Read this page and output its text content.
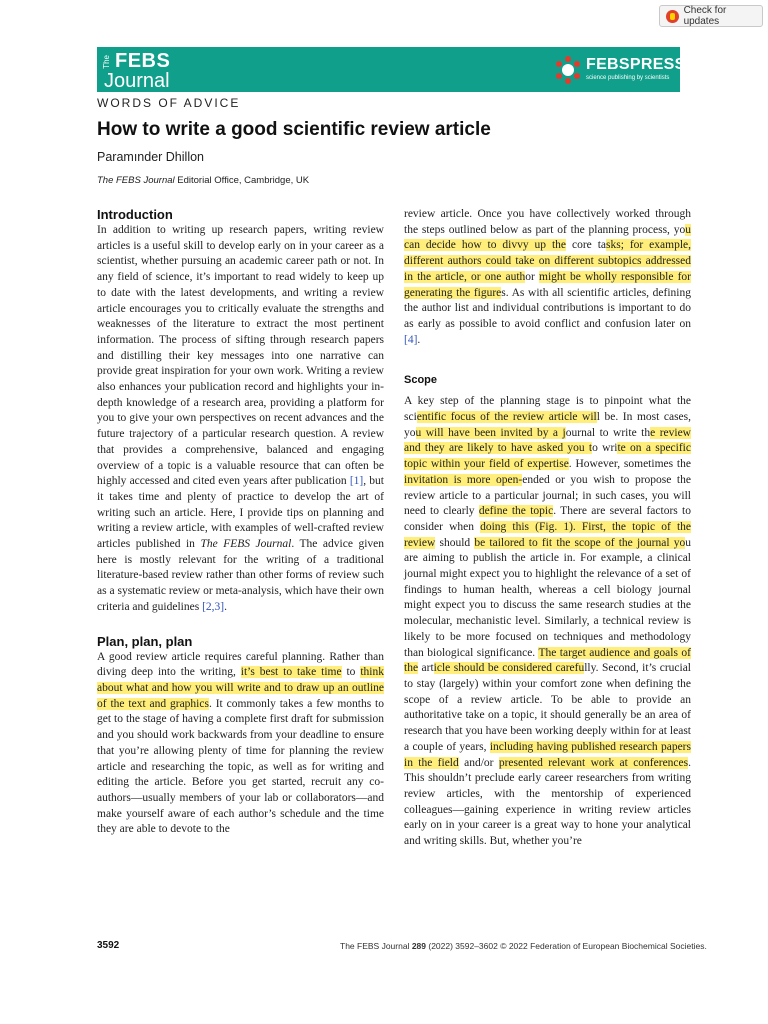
Check for updates
The FEBS
Journal
FEBSPRESS
science publishing by scientists
WORDS OF ADVICE
How to write a good scientific review article
Paramınder Dhillon
The FEBS Journal Editorial Office, Cambridge, UK
Introduction

In addition to writing up research papers, writing review articles is a useful skill to develop early on in your career as a scientist, whether pursuing an academic career path or not. In any field of science, it’s important to read widely to keep up to date with the latest developments, and writing a review article encourages you to critically evaluate the strengths and weaknesses of the literature to extract the most pertinent information. The process of sifting through research papers and distilling their key messages into one narrative can provide great inspiration for your own work. Writing a review also enhances your publication record and highlights your in-depth knowledge of a research area, providing a platform for you to give your own perspectives on recent advances and the future trajectory of a particular research question. A review that provides a comprehensive, balanced and engaging overview of a topic is a valuable resource that can often be highly accessed and cited even years after publication [1], but it takes time and plenty of practice to develop the art of writing such an article. Here, I provide tips on planning and writing a review article, with examples of well-crafted review articles published in The FEBS Journal. The advice given here is mostly relevant for the writing of a traditional literature-based review rather than other forms of review such as a systematic review or meta-analysis, which have their own criteria and guidelines [2,3].

Plan, plan, plan

A good review article requires careful planning. Rather than diving deep into the writing, it’s best to take time to think about what and how you will write and to draw up an outline of the text and graphics. It commonly takes a few months to get to the stage of having a complete first draft for submission and you should work backwards from your deadline to ensure that you’re allowing plenty of time for planning the review article and researching the topic, as well as for writing and editing the article. Before you get started, recruit any co-authors—usually members of your lab or collaborators—and make yourself aware of each author’s schedule and the time they are able to devote to the

review article. Once you have collectively worked through the steps outlined below as part of the planning process, you can decide how to divvy up the core tasks; for example, different authors could take on different subtopics addressed in the article, or one author might be wholly responsible for generating the figures. As with all scientific articles, defining the author list and individual contributions is important to do as early as possible to avoid conflict and confusion later on [4].

Scope

A key step of the planning stage is to pinpoint what the scientific focus of the review article will be. In most cases, you will have been invited by a journal to write the review and they are likely to have asked you to write on a specific topic within your field of expertise. However, sometimes the invitation is more open-ended or you wish to propose the review article to a particular journal; in such cases, you will need to clearly define the topic. There are several factors to consider when doing this (Fig. 1). First, the topic of the review should be tailored to fit the scope of the journal you are aiming to publish the article in. For example, a clinical journal might expect you to highlight the relevance of a set of findings to human health, whereas a cell biology journal might expect you to discuss the same research studies at the molecular, mechanistic level. Similarly, a technical review is likely to be more focused on techniques and methodology than biological significance. The target audience and goals of the article should be considered carefully. Second, it’s crucial to stay (largely) within your comfort zone when defining the scope of a review article. To be able to provide an authoritative take on a topic, it should generally be an area of research that you have been working deeply within for at least a couple of years, including having published research papers in the field and/or presented relevant work at conferences. This shouldn’t preclude early career researchers from writing review articles, with the mentorship of experienced colleagues—gaining experience in writing review articles early on in your career is a great way to hone your analytical and writing skills. But, whether you’re

3592	The FEBS Journal 289 (2022) 3592–3602 © 2022 Federation of European Biochemical Societies.
